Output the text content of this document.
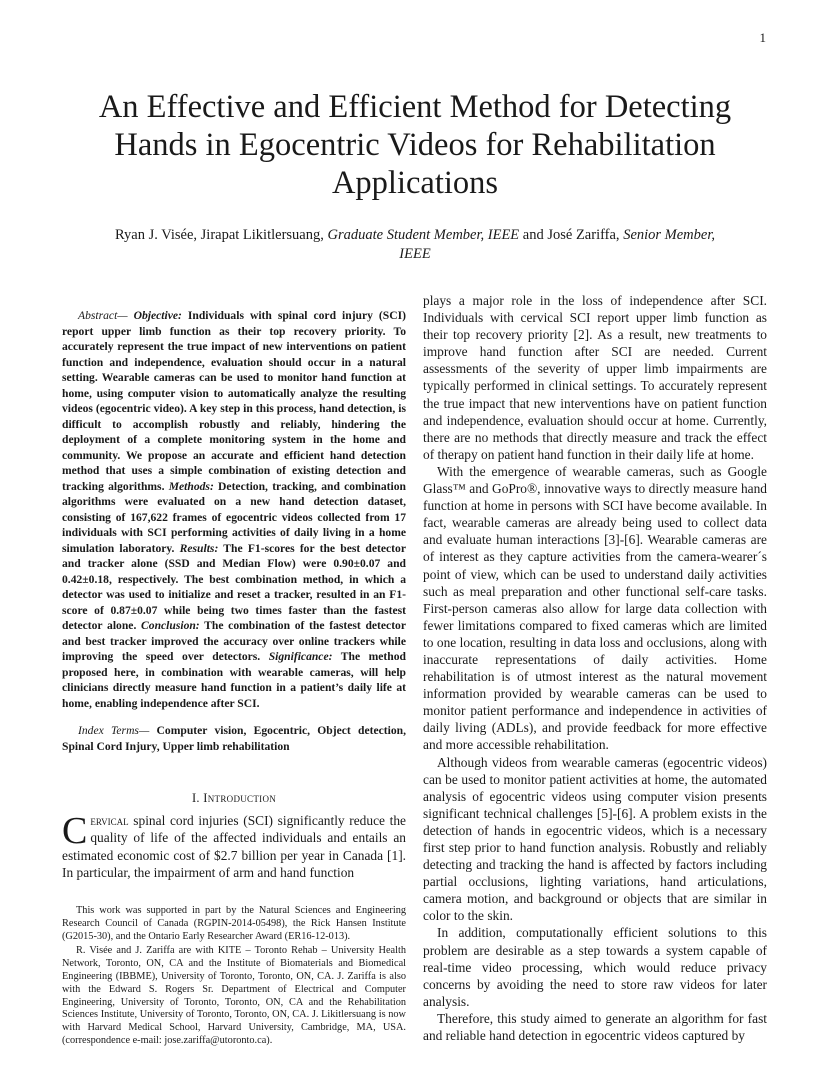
1
An Effective and Efficient Method for Detecting Hands in Egocentric Videos for Rehabilitation Applications
Ryan J. Visée, Jirapat Likitlersuang, Graduate Student Member, IEEE and José Zariffa, Senior Member, IEEE

Abstract— Objective: Individuals with spinal cord injury (SCI) report upper limb function as their top recovery priority. To accurately represent the true impact of new interventions on patient function and independence, evaluation should occur in a natural setting. Wearable cameras can be used to monitor hand function at home, using computer vision to automatically analyze the resulting videos (egocentric video). A key step in this process, hand detection, is difficult to accomplish robustly and reliably, hindering the deployment of a complete monitoring system in the home and community. We propose an accurate and efficient hand detection method that uses a simple combination of existing detection and tracking algorithms. Methods: Detection, tracking, and combination algorithms were evaluated on a new hand detection dataset, consisting of 167,622 frames of egocentric videos collected from 17 individuals with SCI performing activities of daily living in a home simulation laboratory. Results: The F1-scores for the best detector and tracker alone (SSD and Median Flow) were 0.90±0.07 and 0.42±0.18, respectively. The best combination method, in which a detector was used to initialize and reset a tracker, resulted in an F1-score of 0.87±0.07 while being two times faster than the fastest detector alone. Conclusion: The combination of the fastest detector and best tracker improved the accuracy over online trackers while improving the speed over detectors. Significance: The method proposed here, in combination with wearable cameras, will help clinicians directly measure hand function in a patient’s daily life at home, enabling independence after SCI.

Index Terms— Computer vision, Egocentric, Object detection, Spinal Cord Injury, Upper limb rehabilitation

I. Introduction

Cervical spinal cord injuries (SCI) significantly reduce the quality of life of the affected individuals and entails an estimated economic cost of $2.7 billion per year in Canada [1]. In particular, the impairment of arm and hand function

This work was supported in part by the Natural Sciences and Engineering Research Council of Canada (RGPIN-2014-05498), the Rick Hansen Institute (G2015-30), and the Ontario Early Researcher Award (ER16-12-013).

R. Visée and J. Zariffa are with KITE – Toronto Rehab – University Health Network, Toronto, ON, CA and the Institute of Biomaterials and Biomedical Engineering (IBBME), University of Toronto, Toronto, ON, CA. J. Zariffa is also with the Edward S. Rogers Sr. Department of Electrical and Computer Engineering, University of Toronto, Toronto, ON, CA and the Rehabilitation Sciences Institute, University of Toronto, Toronto, ON, CA. J. Likitlersuang is now with Harvard Medical School, Harvard University, Cambridge, MA, USA. (correspondence e-mail: jose.zariffa@utoronto.ca).

plays a major role in the loss of independence after SCI. Individuals with cervical SCI report upper limb function as their top recovery priority [2]. As a result, new treatments to improve hand function after SCI are needed. Current assessments of the severity of upper limb impairments are typically performed in clinical settings. To accurately represent the true impact that new interventions have on patient function and independence, evaluation should occur at home. Currently, there are no methods that directly measure and track the effect of therapy on patient hand function in their daily life at home.

With the emergence of wearable cameras, such as Google Glass™ and GoPro®, innovative ways to directly measure hand function at home in persons with SCI have become available. In fact, wearable cameras are already being used to collect data and evaluate human interactions [3]-[6]. Wearable cameras are of interest as they capture activities from the camera-wearer´s point of view, which can be used to understand daily activities such as meal preparation and other functional self-care tasks. First-person cameras also allow for large data collection with fewer limitations compared to fixed cameras which are limited to one location, resulting in data loss and occlusions, along with inaccurate representations of daily activities. Home rehabilitation is of utmost interest as the natural movement information provided by wearable cameras can be used to monitor patient performance and independence in activities of daily living (ADLs), and provide feedback for more effective and more accessible rehabilitation.

Although videos from wearable cameras (egocentric videos) can be used to monitor patient activities at home, the automated analysis of egocentric videos using computer vision presents significant technical challenges [5]-[6]. A problem exists in the detection of hands in egocentric videos, which is a necessary first step prior to hand function analysis. Robustly and reliably detecting and tracking the hand is affected by factors including partial occlusions, lighting variations, hand articulations, camera motion, and background or objects that are similar in color to the skin.

In addition, computationally efficient solutions to this problem are desirable as a step towards a system capable of real-time video processing, which would reduce privacy concerns by avoiding the need to store raw videos for later analysis.

Therefore, this study aimed to generate an algorithm for fast and reliable hand detection in egocentric videos captured by
